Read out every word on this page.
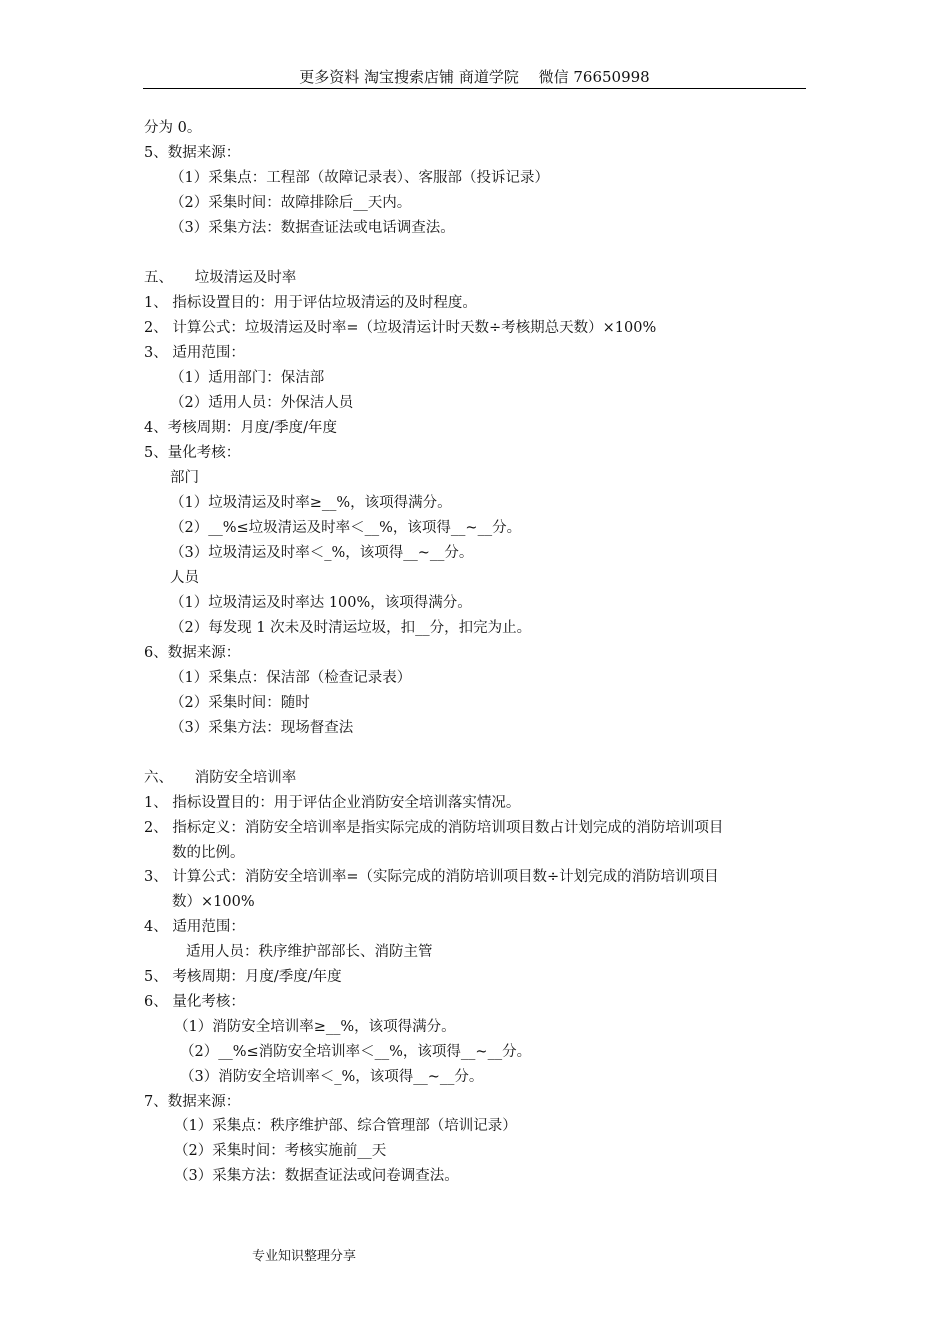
更多资料 淘宝搜索店铺 商道学院　 微信 76650998
分为 0。
5、数据来源：
（1）采集点：工程部（故障记录表）、客服部（投诉记录）
（2）采集时间：故障排除后__天内。
（3）采集方法：数据查证法或电话调查法。
五、　　垃圾清运及时率
1、 指标设置目的：用于评估垃圾清运的及时程度。
2、 计算公式：垃圾清运及时率=（垃圾清运计时天数÷考核期总天数）×100%
3、 适用范围：
（1）适用部门：保洁部
（2）适用人员：外保洁人员
4、考核周期：月度/季度/年度
5、量化考核：
部门
（1）垃圾清运及时率≥__%，该项得满分。
（2）__%≤垃圾清运及时率＜__%，该项得__~__分。
（3）垃圾清运及时率＜_%，该项得__~__分。
人员
（1）垃圾清运及时率达 100%，该项得满分。
（2）每发现 1 次未及时清运垃圾，扣__分，扣完为止。
6、数据来源：
（1）采集点：保洁部（检查记录表）
（2）采集时间：随时
（3）采集方法：现场督查法
六、　　消防安全培训率
1、 指标设置目的：用于评估企业消防安全培训落实情况。
2、 指标定义：消防安全培训率是指实际完成的消防培训项目数占计划完成的消防培训项目
数的比例。
3、 计算公式：消防安全培训率=（实际完成的消防培训项目数÷计划完成的消防培训项目
数）×100%
4、 适用范围：
适用人员：秩序维护部部长、消防主管
5、 考核周期：月度/季度/年度
6、 量化考核：
（1）消防安全培训率≥__%，该项得满分。
（2）__%≤消防安全培训率＜__%，该项得__~__分。
（3）消防安全培训率＜_%，该项得__~__分。
7、数据来源：
（1）采集点：秩序维护部、综合管理部（培训记录）
（2）采集时间：考核实施前__天
（3）采集方法：数据查证法或问卷调查法。
专业知识整理分享
